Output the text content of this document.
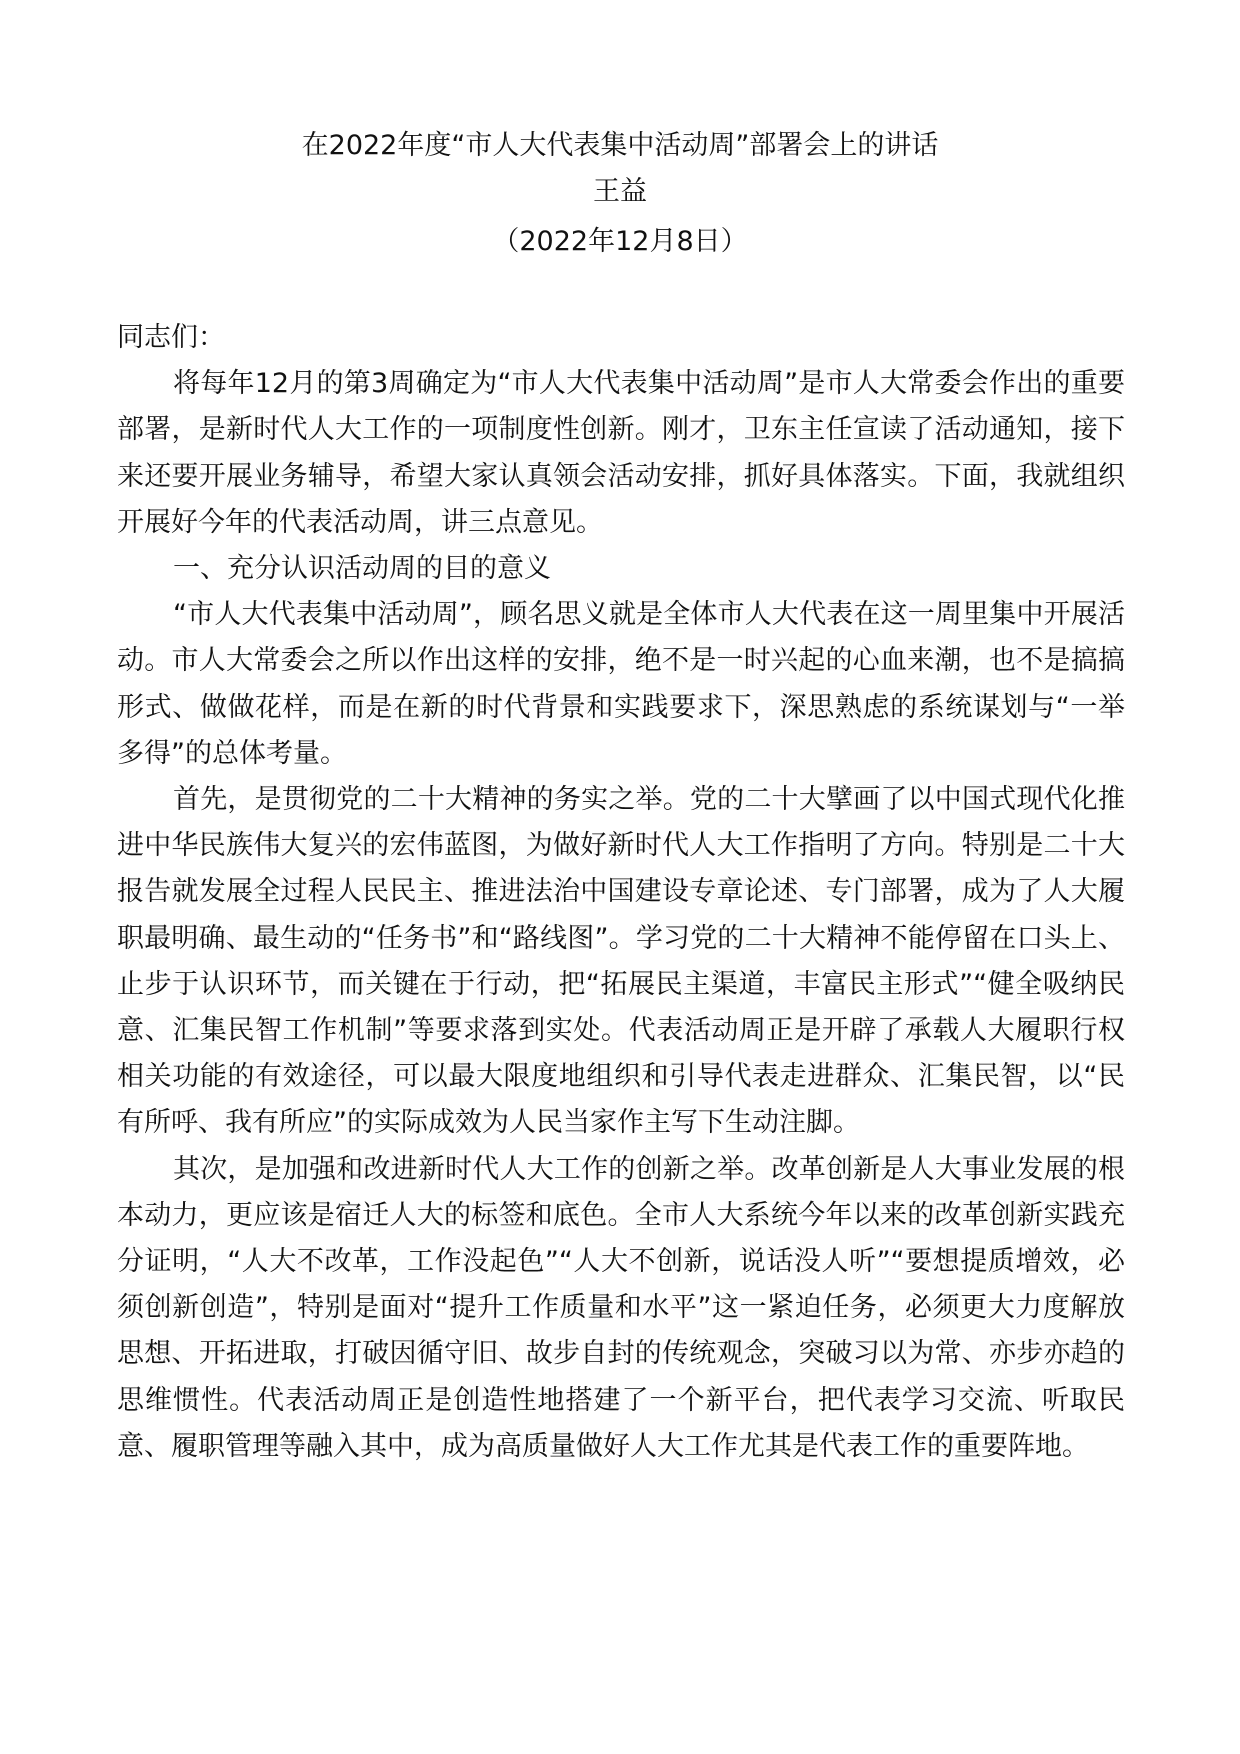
在2022年度“市人大代表集中活动周”部署会上的讲话
王益
（2022年12月8日）

同志们：

将每年12月的第3周确定为“市人大代表集中活动周”是市人大常委会作出的重要部署，是新时代人大工作的一项制度性创新。刚才，卫东主任宣读了活动通知，接下来还要开展业务辅导，希望大家认真领会活动安排，抓好具体落实。下面，我就组织开展好今年的代表活动周，讲三点意见。

一、充分认识活动周的目的意义

“市人大代表集中活动周”，顾名思义就是全体市人大代表在这一周里集中开展活动。市人大常委会之所以作出这样的安排，绝不是一时兴起的心血来潮，也不是搞搞形式、做做花样，而是在新的时代背景和实践要求下，深思熟虑的系统谋划与“一举多得”的总体考量。

首先，是贯彻党的二十大精神的务实之举。党的二十大擘画了以中国式现代化推进中华民族伟大复兴的宏伟蓝图，为做好新时代人大工作指明了方向。特别是二十大报告就发展全过程人民民主、推进法治中国建设专章论述、专门部署，成为了人大履职最明确、最生动的“任务书”和“路线图”。学习党的二十大精神不能停留在口头上、止步于认识环节，而关键在于行动，把“拓展民主渠道，丰富民主形式”“健全吸纳民意、汇集民智工作机制”等要求落到实处。代表活动周正是开辟了承载人大履职行权相关功能的有效途径，可以最大限度地组织和引导代表走进群众、汇集民智，以“民有所呼、我有所应”的实际成效为人民当家作主写下生动注脚。

其次，是加强和改进新时代人大工作的创新之举。改革创新是人大事业发展的根本动力，更应该是宿迁人大的标签和底色。全市人大系统今年以来的改革创新实践充分证明，“人大不改革，工作没起色”“人大不创新，说话没人听”“要想提质增效，必须创新创造”，特别是面对“提升工作质量和水平”这一紧迫任务，必须更大力度解放思想、开拓进取，打破因循守旧、故步自封的传统观念，突破习以为常、亦步亦趋的思维惯性。代表活动周正是创造性地搭建了一个新平台，把代表学习交流、听取民意、履职管理等融入其中，成为高质量做好人大工作尤其是代表工作的重要阵地。
